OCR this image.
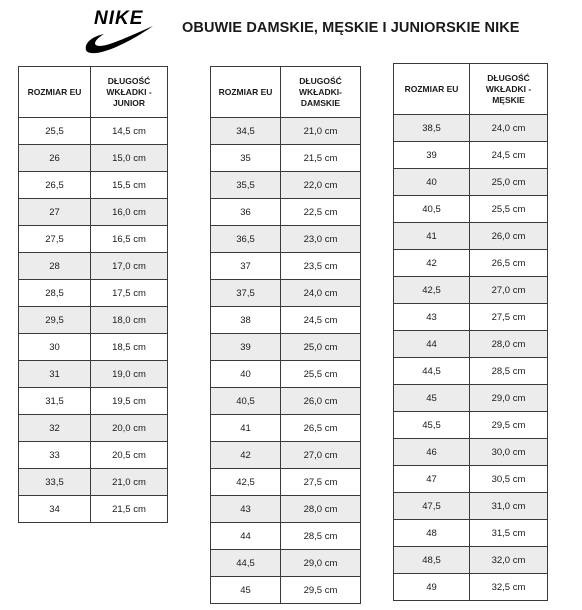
NIKE	OBUWIE DAMSKIE, MĘSKIE I JUNIORSKIE NIKE
ROZMIAR EU	DŁUGOŚĆ
WKŁADKI - JUNIOR
25,5	14,5 cm
26	15,0 cm
26,5	15,5 cm
27	16,0 cm
27,5	16,5 cm
28	17,0 cm
28,5	17,5 cm
29,5	18,0 cm
30	18,5 cm
31	19,0 cm
31,5	19,5 cm
32	20,0 cm
33	20,5 cm
33,5	21,0 cm
34	21,5 cm
ROZMIAR EU	DŁUGOŚĆ
WKŁADKI-DAMSKIE
34,5	21,0 cm
35	21,5 cm
35,5	22,0 cm
36	22,5 cm
36,5	23,0 cm
37	23,5 cm
37,5	24,0 cm
38	24,5 cm
39	25,0 cm
40	25,5 cm
40,5	26,0 cm
41	26,5 cm
42	27,0 cm
42,5	27,5 cm
43	28,0 cm
44	28,5 cm
44,5	29,0 cm
45	29,5 cm
ROZMIAR EU	DŁUGOŚĆ
WKŁADKI - MĘSKIE
38,5	24,0 cm
39	24,5 cm
40	25,0 cm
40,5	25,5 cm
41	26,0 cm
42	26,5 cm
42,5	27,0 cm
43	27,5 cm
44	28,0 cm
44,5	28,5 cm
45	29,0 cm
45,5	29,5 cm
46	30,0 cm
47	30,5 cm
47,5	31,0 cm
48	31,5 cm
48,5	32,0 cm
49	32,5 cm
